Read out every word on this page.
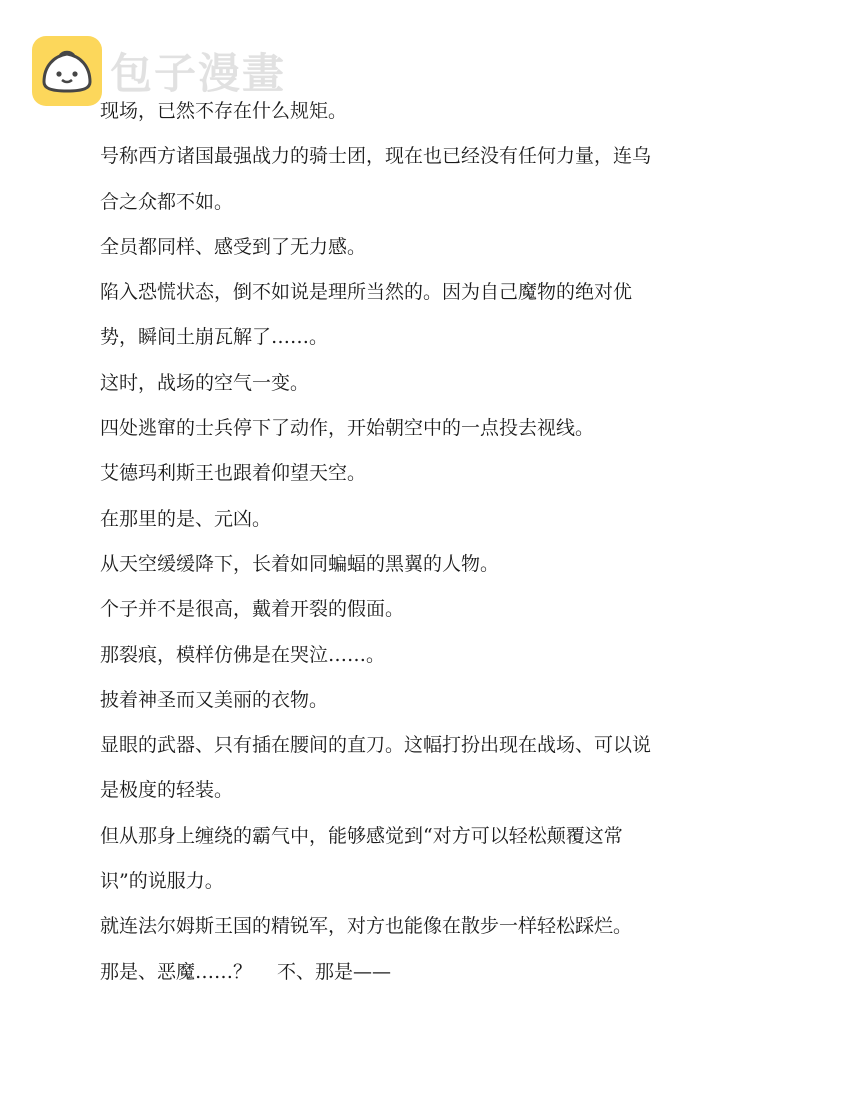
包子漫畫

现场，已然不存在什么规矩。

号称西方诸国最强战力的骑士团，现在也已经没有任何力量，连乌

合之众都不如。

全员都同样、感受到了无力感。

陷入恐慌状态，倒不如说是理所当然的。因为自己魔物的绝对优

势，瞬间土崩瓦解了……。

这时，战场的空气一变。

四处逃窜的士兵停下了动作，开始朝空中的一点投去视线。

艾德玛利斯王也跟着仰望天空。

在那里的是、元凶。

从天空缓缓降下，长着如同蝙蝠的黑翼的人物。

个子并不是很高，戴着开裂的假面。

那裂痕，模样仿佛是在哭泣……。

披着神圣而又美丽的衣物。

显眼的武器、只有插在腰间的直刀。这幅打扮出现在战场、可以说

是极度的轻装。

但从那身上缠绕的霸气中，能够感觉到“对方可以轻松颠覆这常

识”的说服力。

就连法尔姆斯王国的精锐军，对方也能像在散步一样轻松踩烂。

那是、恶魔……？　 不、那是——
